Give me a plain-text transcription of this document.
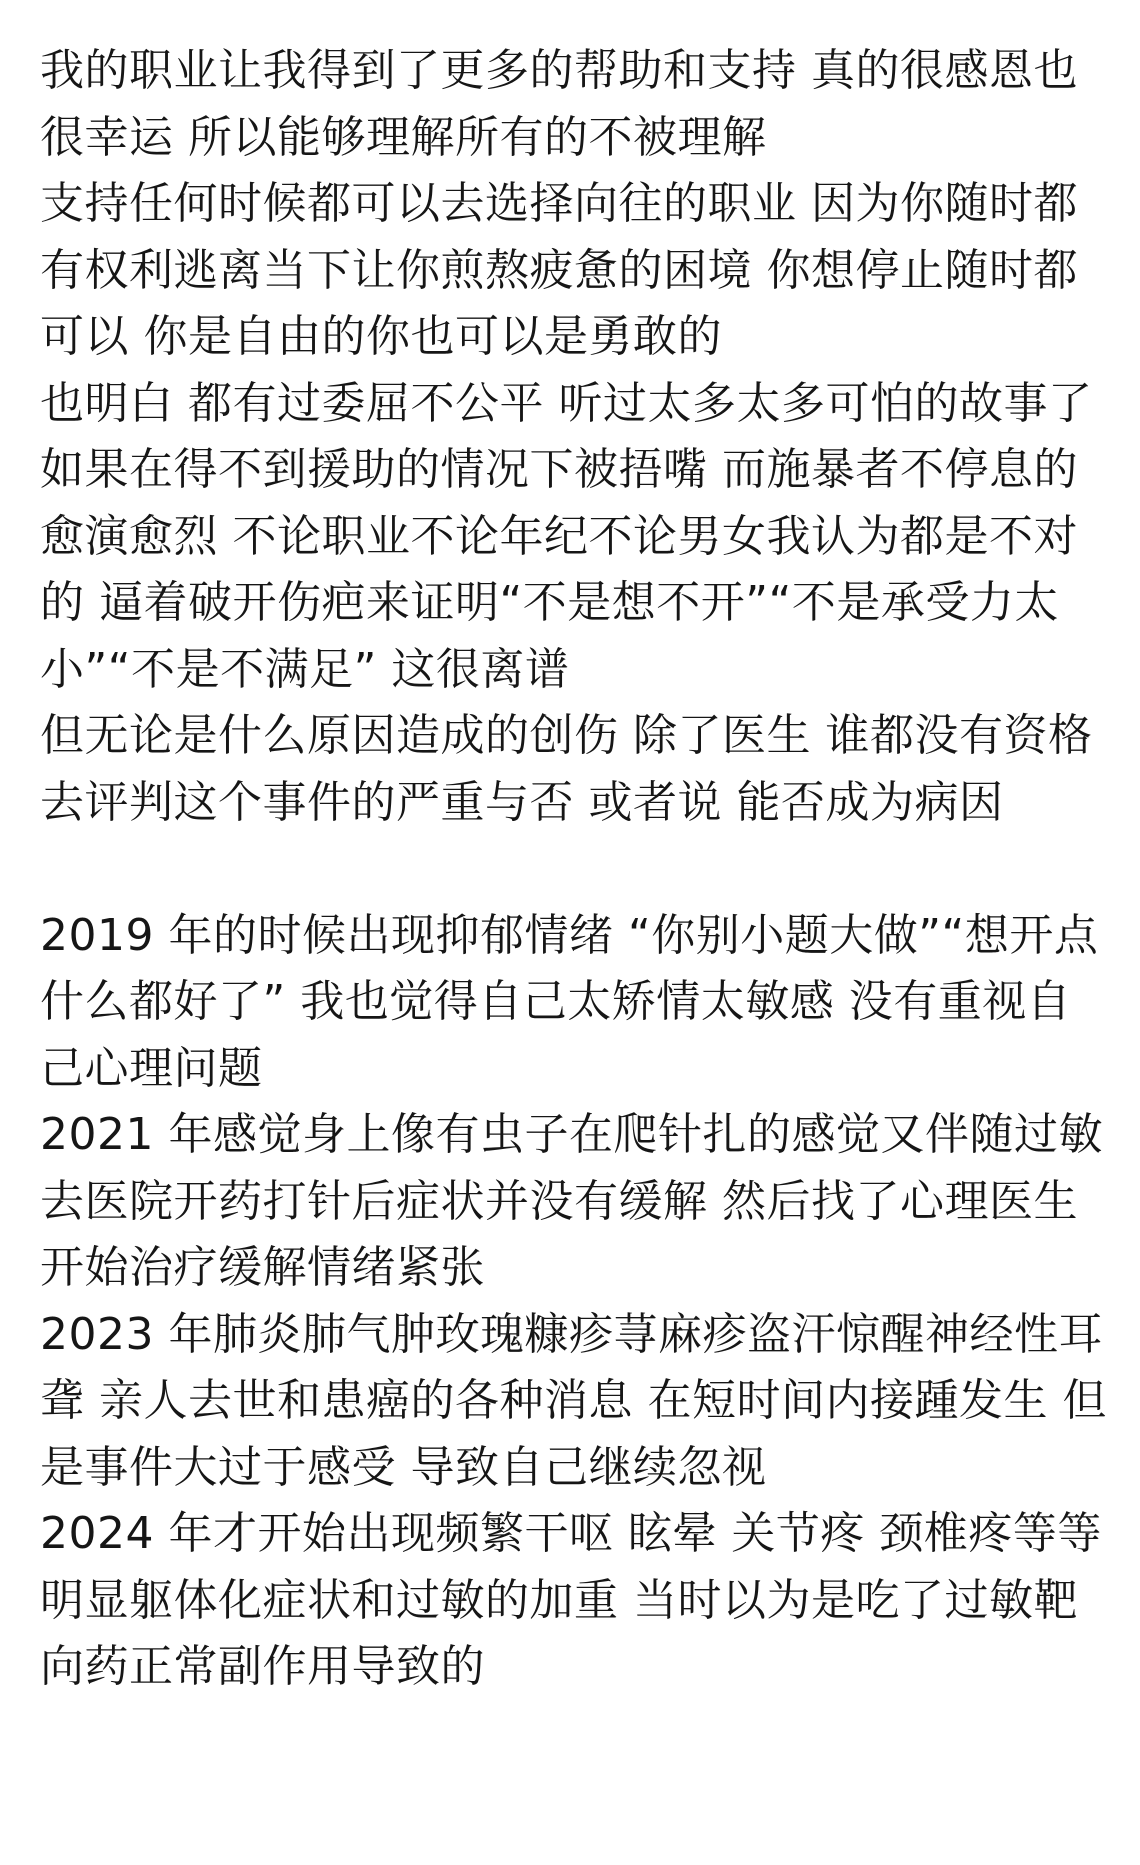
我的职业让我得到了更多的帮助和支持 真的很感恩也很幸运 所以能够理解所有的不被理解

支持任何时候都可以去选择向往的职业 因为你随时都有权利逃离当下让你煎熬疲惫的困境 你想停止随时都可以 你是自由的你也可以是勇敢的

也明白 都有过委屈不公平 听过太多太多可怕的故事了 如果在得不到援助的情况下被捂嘴 而施暴者不停息的愈演愈烈 不论职业不论年纪不论男女我认为都是不对的 逼着破开伤疤来证明“不是想不开”“不是承受力太小”“不是不满足” 这很离谱

但无论是什么原因造成的创伤 除了医生 谁都没有资格去评判这个事件的严重与否 或者说 能否成为病因

2019 年的时候出现抑郁情绪 “你别小题大做”“想开点什么都好了” 我也觉得自己太矫情太敏感 没有重视自己心理问题

2021 年感觉身上像有虫子在爬针扎的感觉又伴随过敏 去医院开药打针后症状并没有缓解 然后找了心理医生开始治疗缓解情绪紧张

2023 年肺炎肺气肿玫瑰糠疹荨麻疹盗汗惊醒神经性耳聋 亲人去世和患癌的各种消息 在短时间内接踵发生 但是事件大过于感受 导致自己继续忽视

2024 年才开始出现频繁干呕 眩晕 关节疼 颈椎疼等等明显躯体化症状和过敏的加重 当时以为是吃了过敏靶向药正常副作用导致的
